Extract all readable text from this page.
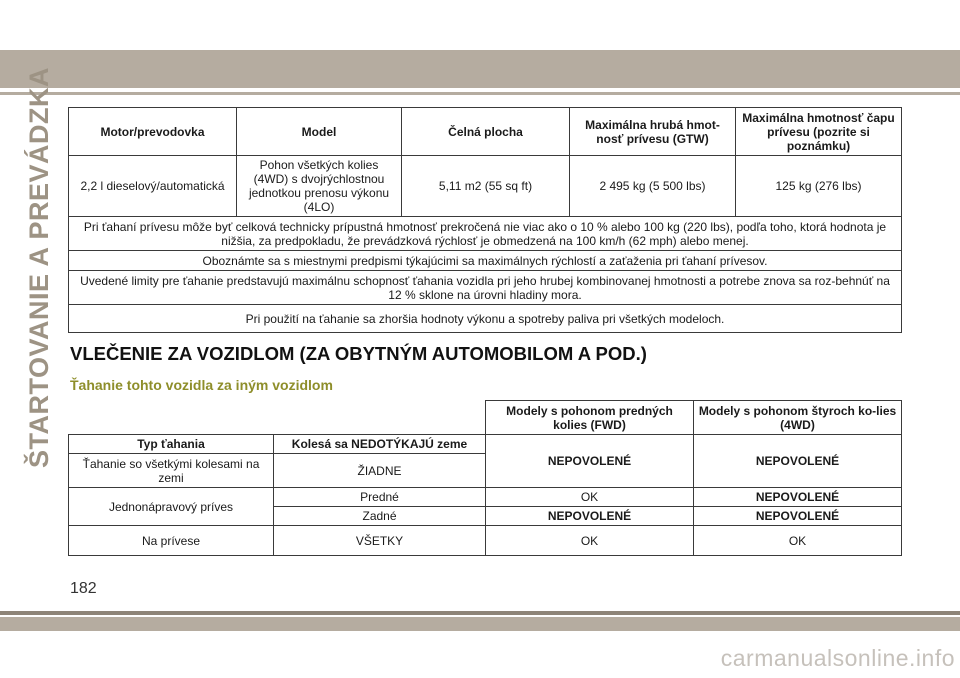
ŠTARTOVANIE A PREVÁDZKA	Motor/prevodovka	Model	Čelná plocha	Maximálna hrubá hmot-nosť prívesu (GTW)	Maximálna hmotnosť čapu prívesu (pozrite si poznámku)
2,2 l dieselový/automatická	Pohon všetkých kolies (4WD) s dvojrýchlostnou jednotkou prenosu výkonu (4LO)	5,11 m2 (55 sq ft)	2 495 kg (5 500 lbs)	125 kg (276 lbs)
Pri ťahaní prívesu môže byť celková technicky prípustná hmotnosť prekročená nie viac ako o 10 % alebo 100 kg (220 lbs), podľa toho, ktorá hodnota je nižšia, za predpokladu, že prevádzková rýchlosť je obmedzená na 100 km/h (62 mph) alebo menej.				
Oboznámte sa s miestnymi predpismi týkajúcimi sa maximálnych rýchlostí a zaťaženia pri ťahaní prívesov.				
Uvedené limity pre ťahanie predstavujú maximálnu schopnosť ťahania vozidla pri jeho hrubej kombinovanej hmotnosti a potrebe znova sa roz-behnúť na 12 % sklone na úrovni hladiny mora.				
Pri použití na ťahanie sa zhoršia hodnoty výkonu a spotreby paliva pri všetkých modeloch.				
VLEČENIE ZA VOZIDLOM (ZA OBYTNÝM AUTOMOBILOM A POD.)
Ťahanie tohto vozidla za iným vozidlom
		Modely s pohonom predných kolies (FWD)	Modely s pohonom štyroch ko-lies (4WD)
Typ ťahania	Kolesá sa NEDOTÝKAJÚ zeme	NEPOVOLENÉ	NEPOVOLENÉ
Ťahanie so všetkými kolesami na zemi	ŽIADNE		
Jednonápravový príves	Predné	OK	NEPOVOLENÉ
	Zadné	NEPOVOLENÉ	NEPOVOLENÉ
Na prívese	VŠETKY	OK	OK
182
carmanualsonline.info
